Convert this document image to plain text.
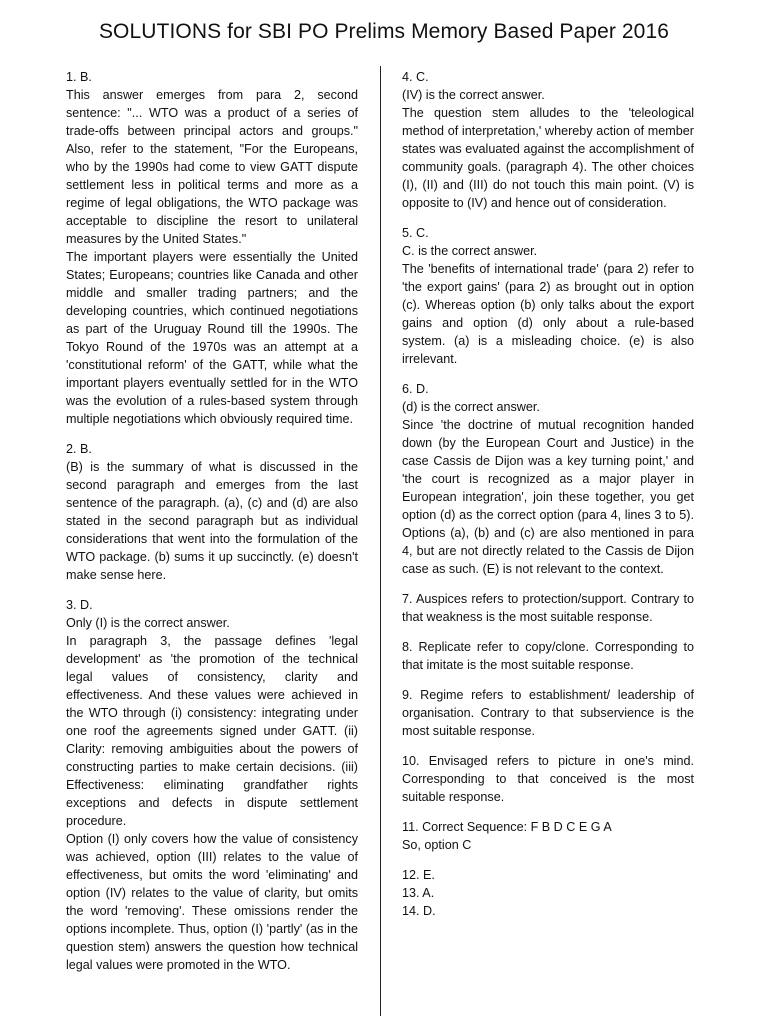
SOLUTIONS for SBI PO Prelims Memory Based Paper 2016

1. B.

This answer emerges from para 2, second sentence: "... WTO was a product of a series of trade-offs between principal actors and groups." Also, refer to the statement, "For the Europeans, who by the 1990s had come to view GATT dispute settlement less in political terms and more as a regime of legal obligations, the WTO package was acceptable to discipline the resort to unilateral measures by the United States."

The important players were essentially the United States; Europeans; countries like Canada and other middle and smaller trading partners; and the developing countries, which continued negotiations as part of the Uruguay Round till the 1990s. The Tokyo Round of the 1970s was an attempt at a 'constitutional reform' of the GATT, while what the important players eventually settled for in the WTO was the evolution of a rules-based system through multiple negotiations which obviously required time.

2. B.

(B) is the summary of what is discussed in the second paragraph and emerges from the last sentence of the paragraph. (a), (c) and (d) are also stated in the second paragraph but as individual considerations that went into the formulation of the WTO package. (b) sums it up succinctly. (e) doesn't make sense here.

3. D.

Only (I) is the correct answer.

In paragraph 3, the passage defines 'legal development' as 'the promotion of the technical legal values of consistency, clarity and effectiveness. And these values were achieved in the WTO through (i) consistency: integrating under one roof the agreements signed under GATT. (ii) Clarity: removing ambiguities about the powers of constructing parties to make certain decisions. (iii) Effectiveness: eliminating grandfather rights exceptions and defects in dispute settlement procedure.

Option (I) only covers how the value of consistency was achieved, option (III) relates to the value of effectiveness, but omits the word 'eliminating' and option (IV) relates to the value of clarity, but omits the word 'removing'. These omissions render the options incomplete. Thus, option (I) 'partly' (as in the question stem) answers the question how technical legal values were promoted in the WTO.

4. C.

(IV) is the correct answer.

The question stem alludes to the 'teleological method of interpretation,' whereby action of member states was evaluated against the accomplishment of community goals. (paragraph 4). The other choices (I), (II) and (III) do not touch this main point. (V) is opposite to (IV) and hence out of consideration.

5. C.

C. is the correct answer.

The 'benefits of international trade' (para 2) refer to 'the export gains' (para 2) as brought out in option (c). Whereas option (b) only talks about the export gains and option (d) only about a rule-based system. (a) is a misleading choice. (e) is also irrelevant.

6. D.

(d) is the correct answer.

Since 'the doctrine of mutual recognition handed down (by the European Court and Justice) in the case Cassis de Dijon was a key turning point,' and 'the court is recognized as a major player in European integration', join these together, you get option (d) as the correct option (para 4, lines 3 to 5). Options (a), (b) and (c) are also mentioned in para 4, but are not directly related to the Cassis de Dijon case as such. (E) is not relevant to the context.

7. Auspices refers to protection/support. Contrary to that weakness is the most suitable response.

8. Replicate refer to copy/clone. Corresponding to that imitate is the most suitable response.

9. Regime refers to establishment/ leadership of organisation. Contrary to that subservience is the most suitable response.

10. Envisaged refers to picture in one's mind. Corresponding to that conceived is the most suitable response.

11. Correct Sequence: F B D C E G A

So, option C

12. E.

13. A.

14. D.
